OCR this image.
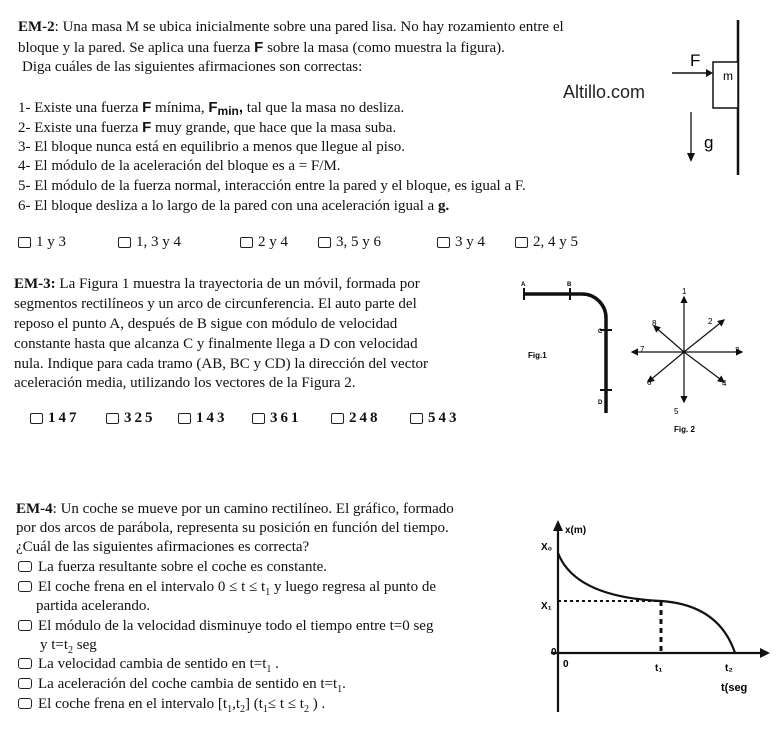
EM-2: Una masa M se ubica inicialmente sobre una pared lisa. No hay rozamiento entre el
bloque y la pared. Se aplica una fuerza F sobre la masa (como muestra la figura).
Diga cuáles de las siguientes afirmaciones son correctas:
1- Existe una fuerza F mínima, $F_{min}$, tal que la masa no desliza.
2- Existe una fuerza F muy grande, que hace que la masa suba.
3- El bloque nunca está en equilibrio a menos que llegue al piso.
4- El módulo de la aceleración del bloque es a = F/M.
5- El módulo de la fuerza normal, interacción entre la pared y el bloque, es igual a F.
6- El bloque desliza a lo largo de la pared con una aceleración igual a g.
1 y 3	1, 3 y 4	2 y 4	3, 5 y 6	3 y 4	2, 4 y 5
Altillo.com
m
F
g
EM-3: La Figura 1 muestra la trayectoria de un móvil, formada por
segmentos rectilíneos y un arco de circunferencia. El auto parte del
reposo el punto A, después de B sigue con módulo de velocidad
constante hasta que alcanza C y finalmente llega a D con velocidad
nula. Indique para cada tramo (AB, BC y CD) la dirección del vector
aceleración media, utilizando los vectores de la Figura 2.
147	325	143	361	248	543
A	B
C
D
Fig.1
1
2
3
4
5
6
7
8
Fig. 2
EM-4: Un coche se mueve por un camino rectilíneo. El gráfico, formado
por dos arcos de parábola, representa su posición en función del tiempo.
¿Cuál de las siguientes afirmaciones es correcta?
La fuerza resultante sobre el coche es constante.
El coche frena en el intervalo $0 \le t \le t_1$ y luego regresa al punto de
partida acelerando.
El módulo de la velocidad disminuye todo el tiempo entre t=0 seg
y $t=t_2$ seg
La velocidad cambia de sentido en $t=t_1$ .
La aceleración del coche cambia de sentido en $t=t_1$.
El coche frena en el intervalo $[t_1,t_2]$ ($t_1\le t \le t_2$ ) .
x(m)
X₀
X₁
0
0	t₁	t₂
t(seg
